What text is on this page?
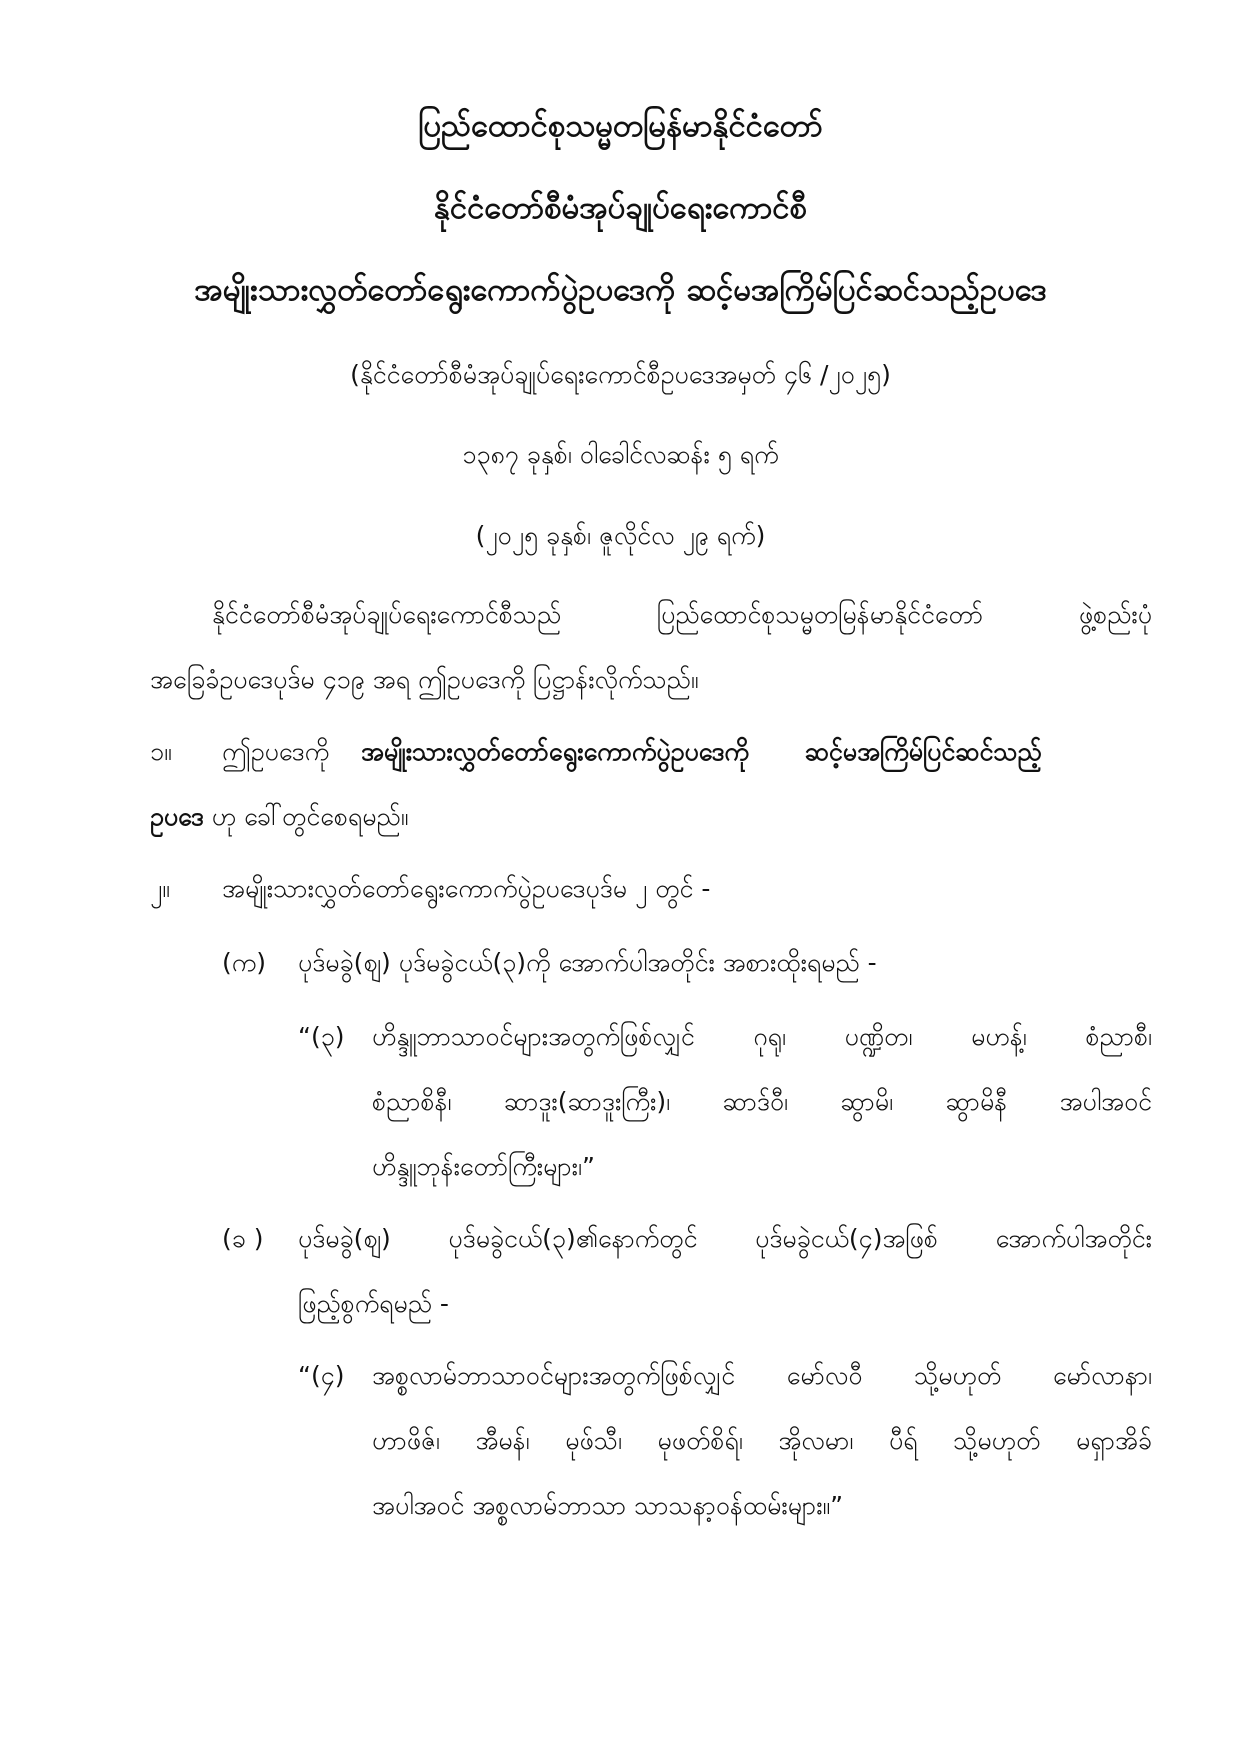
ပြည်ထောင်စုသမ္မတမြန်မာနိုင်ငံတော်
နိုင်ငံတော်စီမံအုပ်ချုပ်ရေးကောင်စီ
အမျိုးသားလွှတ်တော်ရွေးကောက်ပွဲဥပဒေကို ဆင့်မအကြိမ်ပြင်ဆင်သည့်ဥပဒေ
(နိုင်ငံတော်စီမံအုပ်ချုပ်ရေးကောင်စီဥပဒေအမှတ် ၄၆ /၂၀၂၅)
၁၃၈၇ ခုနှစ်၊ ဝါခေါင်လဆန်း ၅ ရက်
(၂၀၂၅ ခုနှစ်၊ ဇူလိုင်လ ၂၉ ရက်)
နိုင်ငံတော်စီမံအုပ်ချုပ်ရေးကောင်စီသည် ပြည်ထောင်စုသမ္မတမြန်မာနိုင်ငံတော် ဖွဲ့စည်းပုံ
အခြေခံဥပဒေပုဒ်မ ၄၁၉ အရ ဤဥပဒေကို ပြဋ္ဌာန်းလိုက်သည်။
၁။ ဤဥပဒေကို အမျိုးသားလွှတ်တော်ရွေးကောက်ပွဲဥပဒေကို ဆင့်မအကြိမ်ပြင်ဆင်သည့်
ဥပဒေ ဟု ခေါ်တွင်စေရမည်။
၂။ အမျိုးသားလွှတ်တော်ရွေးကောက်ပွဲဥပဒေပုဒ်မ ၂ တွင် -
(က) ပုဒ်မခွဲ(ဈ) ပုဒ်မခွဲငယ်(၃)ကို အောက်ပါအတိုင်း အစားထိုးရမည် -
“(၃) ဟိန္ဒူဘာသာဝင်များအတွက်ဖြစ်လျှင် ဂုရု၊ ပဏ္ဍိတ၊ မဟန့်၊ စံညာစီ၊
စံညာစိနီ၊ ဆာဒူး(ဆာဒူးကြီး)၊ ဆာဒ်ဝီ၊ ဆွာမိ၊ ဆွာမိနီ အပါအဝင်
ဟိန္ဒူဘုန်းတော်ကြီးများ၊”
(ခ ) ပုဒ်မခွဲ(ဈ) ပုဒ်မခွဲငယ်(၃)၏နောက်တွင် ပုဒ်မခွဲငယ်(၄)အဖြစ် အောက်ပါအတိုင်း
ဖြည့်စွက်ရမည် -
“(၄) အစ္စလာမ်ဘာသာဝင်များအတွက်ဖြစ်လျှင် မော်လဝီ သို့မဟုတ် မော်လာနာ၊
ဟာဖိဇ်၊ အီမန်၊ မုဖ်သီ၊ မုဖတ်စိရ်၊ အိုလမာ၊ ပီရ် သို့မဟုတ် မရှာအိခ်
အပါအဝင် အစ္စလာမ်ဘာသာ သာသနာ့ဝန်ထမ်းများ။”
